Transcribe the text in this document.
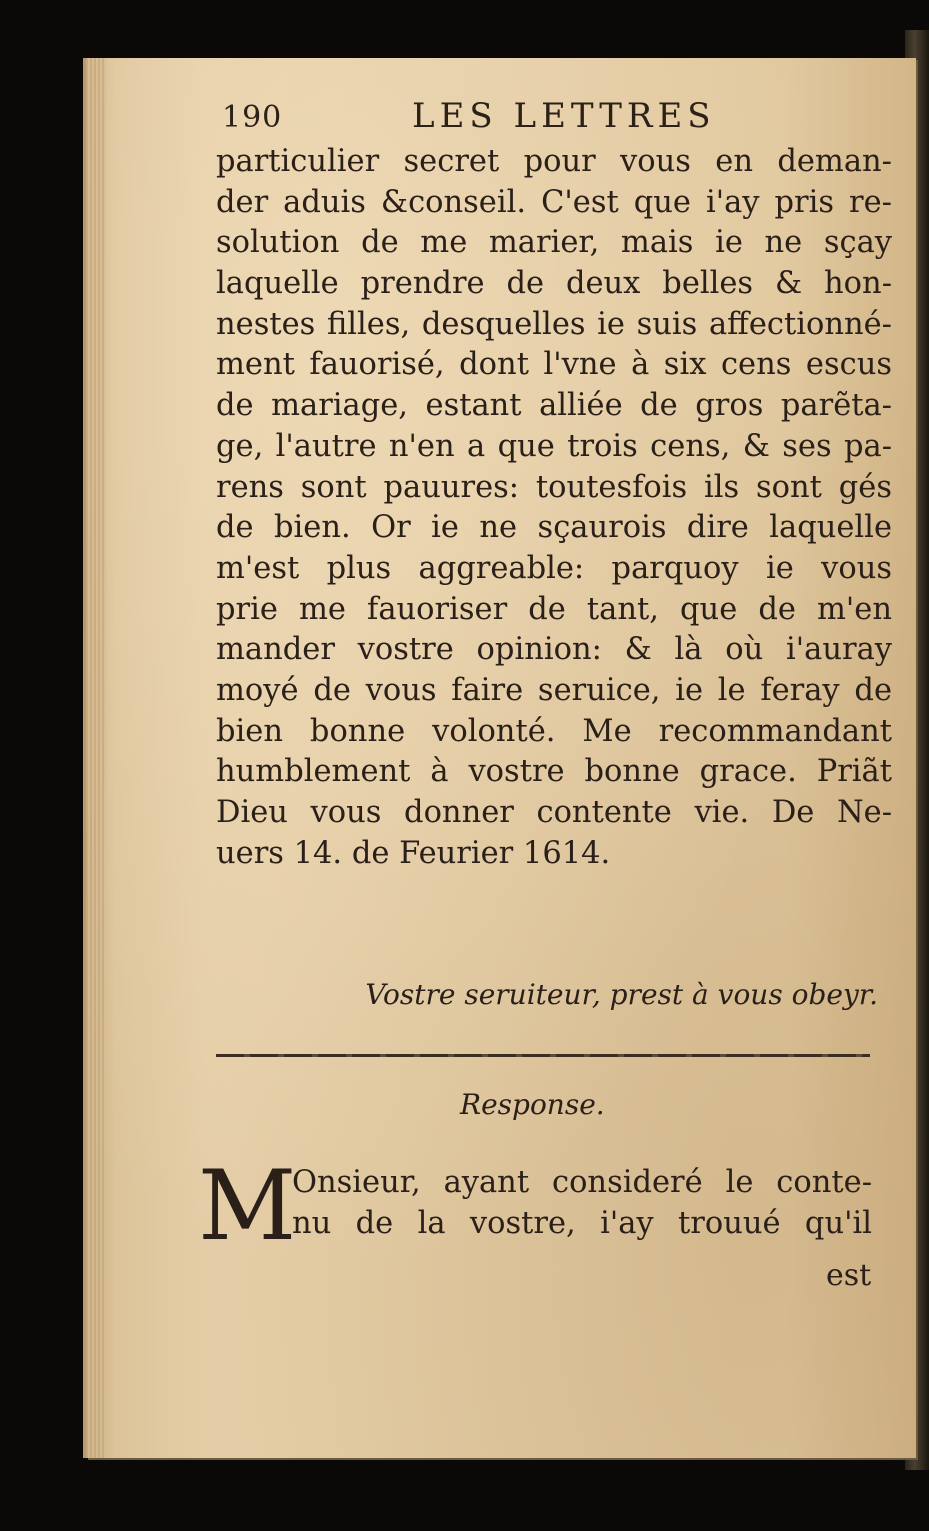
190	LES LETTRES
particulier secret pour vous en deman-
der aduis &conseil. C'est que i'ay pris re-
solution de me marier, mais ie ne sçay
laquelle prendre de deux belles & hon-
nestes filles, desquelles ie suis affectionné-
ment fauorisé, dont l'vne à six cens escus
de mariage, estant alliée de gros parẽta-
ge, l'autre n'en a que trois cens, & ses pa-
rens sont pauures: toutesfois ils sont gés
de bien. Or ie ne sçaurois dire laquelle
m'est plus aggreable: parquoy ie vous
prie me fauoriser de tant, que de m'en
mander vostre opinion: & là où i'auray
moyé de vous faire seruice, ie le feray de
bien bonne volonté. Me recommandant
humblement à vostre bonne grace. Priãt
Dieu vous donner contente vie. De Ne-
uers 14. de Feurier 1614.
Vostre seruiteur, prest à vous obeyr.
Response.
M
Onsieur, ayant consideré le conte-
nu de la vostre, i'ay trouué qu'il
est
